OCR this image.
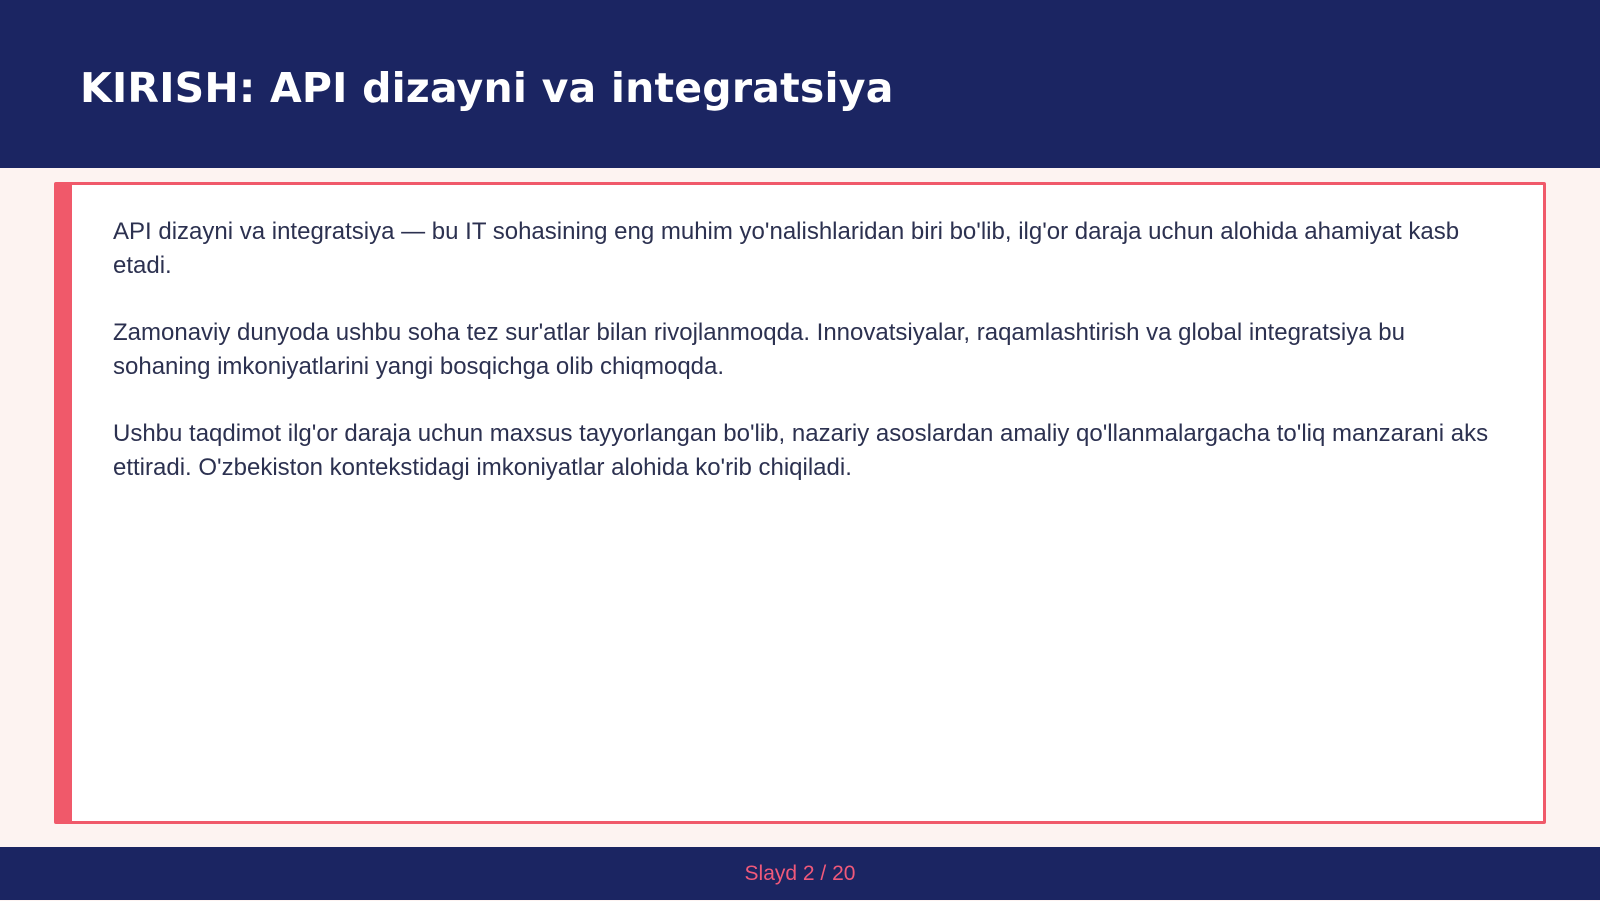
KIRISH: API dizayni va integratsiya

API dizayni va integratsiya — bu IT sohasining eng muhim yo'nalishlaridan biri bo'lib, ilg'or daraja uchun alohida ahamiyat kasb etadi.

Zamonaviy dunyoda ushbu soha tez sur'atlar bilan rivojlanmoqda. Innovatsiyalar, raqamlashtirish va global integratsiya bu sohaning imkoniyatlarini yangi bosqichga olib chiqmoqda.

Ushbu taqdimot ilg'or daraja uchun maxsus tayyorlangan bo'lib, nazariy asoslardan amaliy qo'llanmalargacha to'liq manzarani aks ettiradi. O'zbekiston kontekstidagi imkoniyatlar alohida ko'rib chiqiladi.

Slayd 2 / 20
